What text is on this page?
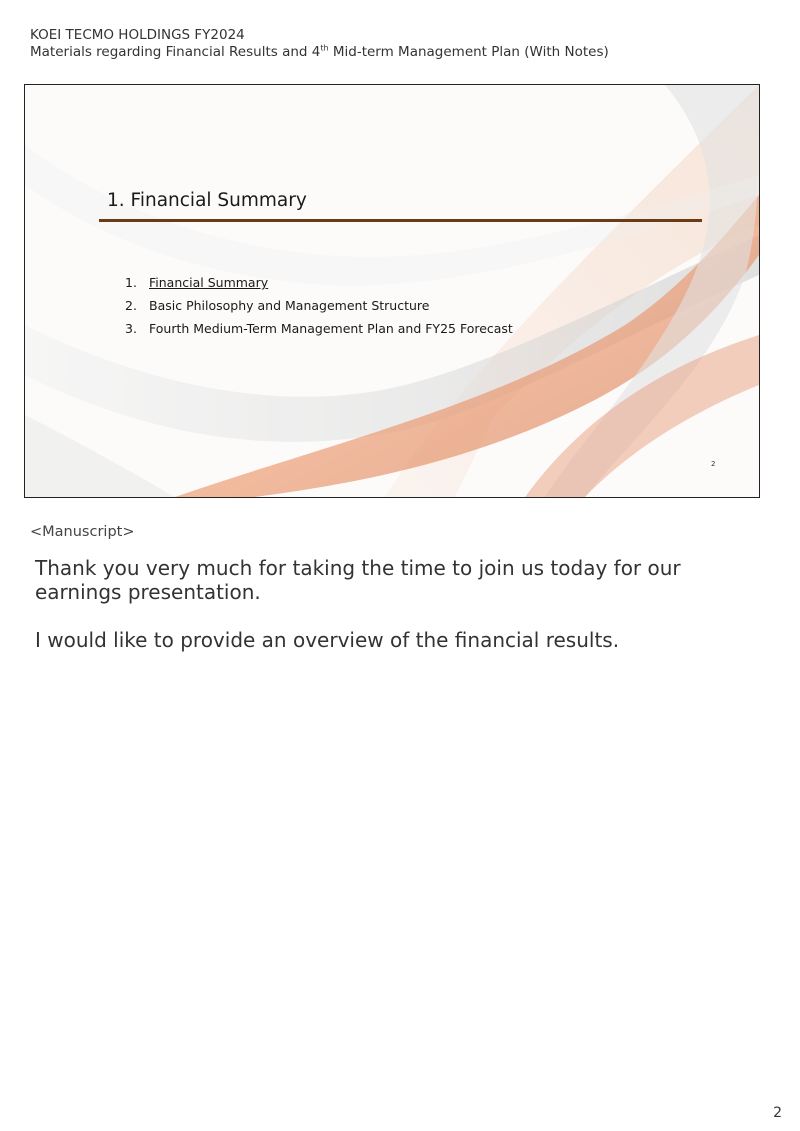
KOEI TECMO HOLDINGS FY2024
Materials regarding Financial Results and 4th Mid-term Management Plan (With Notes)
1. Financial Summary
1. Financial Summary
2. Basic Philosophy and Management Structure
3. Fourth Medium-Term Management Plan and FY25 Forecast
2
<Manuscript>

Thank you very much for taking the time to join us today for our earnings presentation.

I would like to provide an overview of the financial results.

2
